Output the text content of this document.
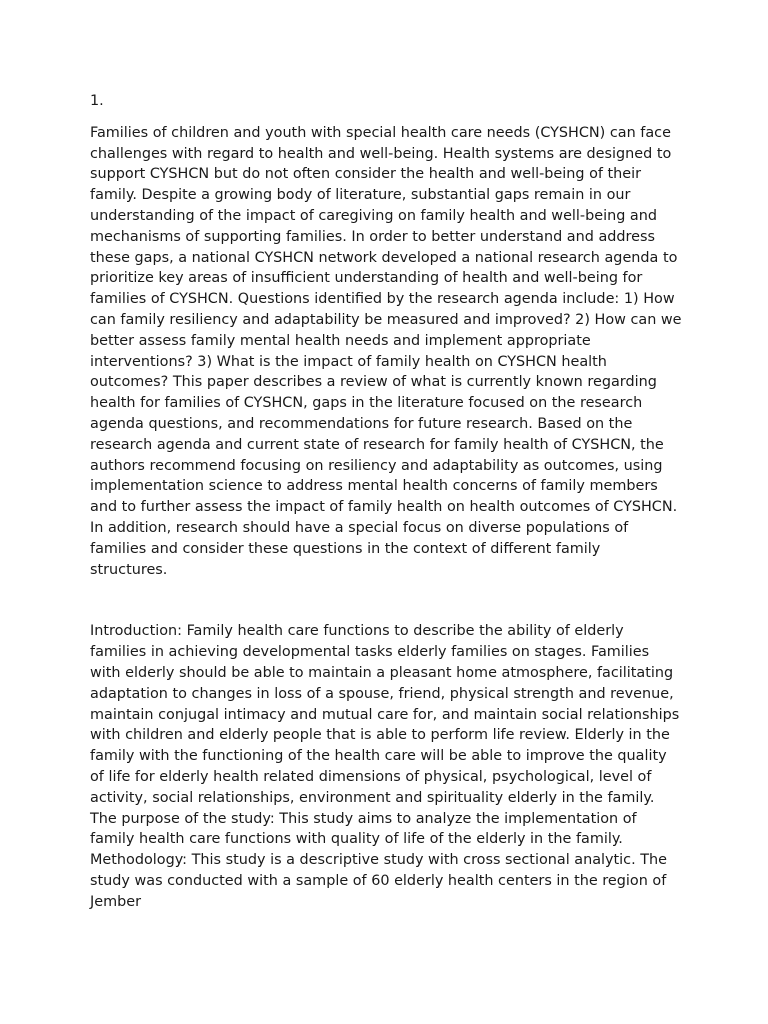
1.

Families of children and youth with special health care needs (CYSHCN) can face challenges with regard to health and well-being. Health systems are designed to support CYSHCN but do not often consider the health and well-being of their family. Despite a growing body of literature, substantial gaps remain in our understanding of the impact of caregiving on family health and well-being and mechanisms of supporting families. In order to better understand and address these gaps, a national CYSHCN network developed a national research agenda to prioritize key areas of insufficient understanding of health and well-being for families of CYSHCN. Questions identified by the research agenda include: 1) How can family resiliency and adaptability be measured and improved? 2) How can we better assess family mental health needs and implement appropriate interventions? 3) What is the impact of family health on CYSHCN health outcomes? This paper describes a review of what is currently known regarding health for families of CYSHCN, gaps in the literature focused on the research agenda questions, and recommendations for future research. Based on the research agenda and current state of research for family health of CYSHCN, the authors recommend focusing on resiliency and adaptability as outcomes, using implementation science to address mental health concerns of family members and to further assess the impact of family health on health outcomes of CYSHCN. In addition, research should have a special focus on diverse populations of families and consider these questions in the context of different family structures.

Introduction: Family health care functions to describe the ability of elderly families in achieving developmental tasks elderly families on stages. Families with elderly should be able to maintain a pleasant home atmosphere, facilitating adaptation to changes in loss of a spouse, friend, physical strength and revenue, maintain conjugal intimacy and mutual care for, and maintain social relationships with children and elderly people that is able to perform life review. Elderly in the family with the functioning of the health care will be able to improve the quality of life for elderly health related dimensions of physical, psychological, level of activity, social relationships, environment and spirituality elderly in the family. The purpose of the study: This study aims to analyze the implementation of family health care functions with quality of life of the elderly in the family. Methodology: This study is a descriptive study with cross sectional analytic. The study was conducted with a sample of 60 elderly health centers in the region of Jember
